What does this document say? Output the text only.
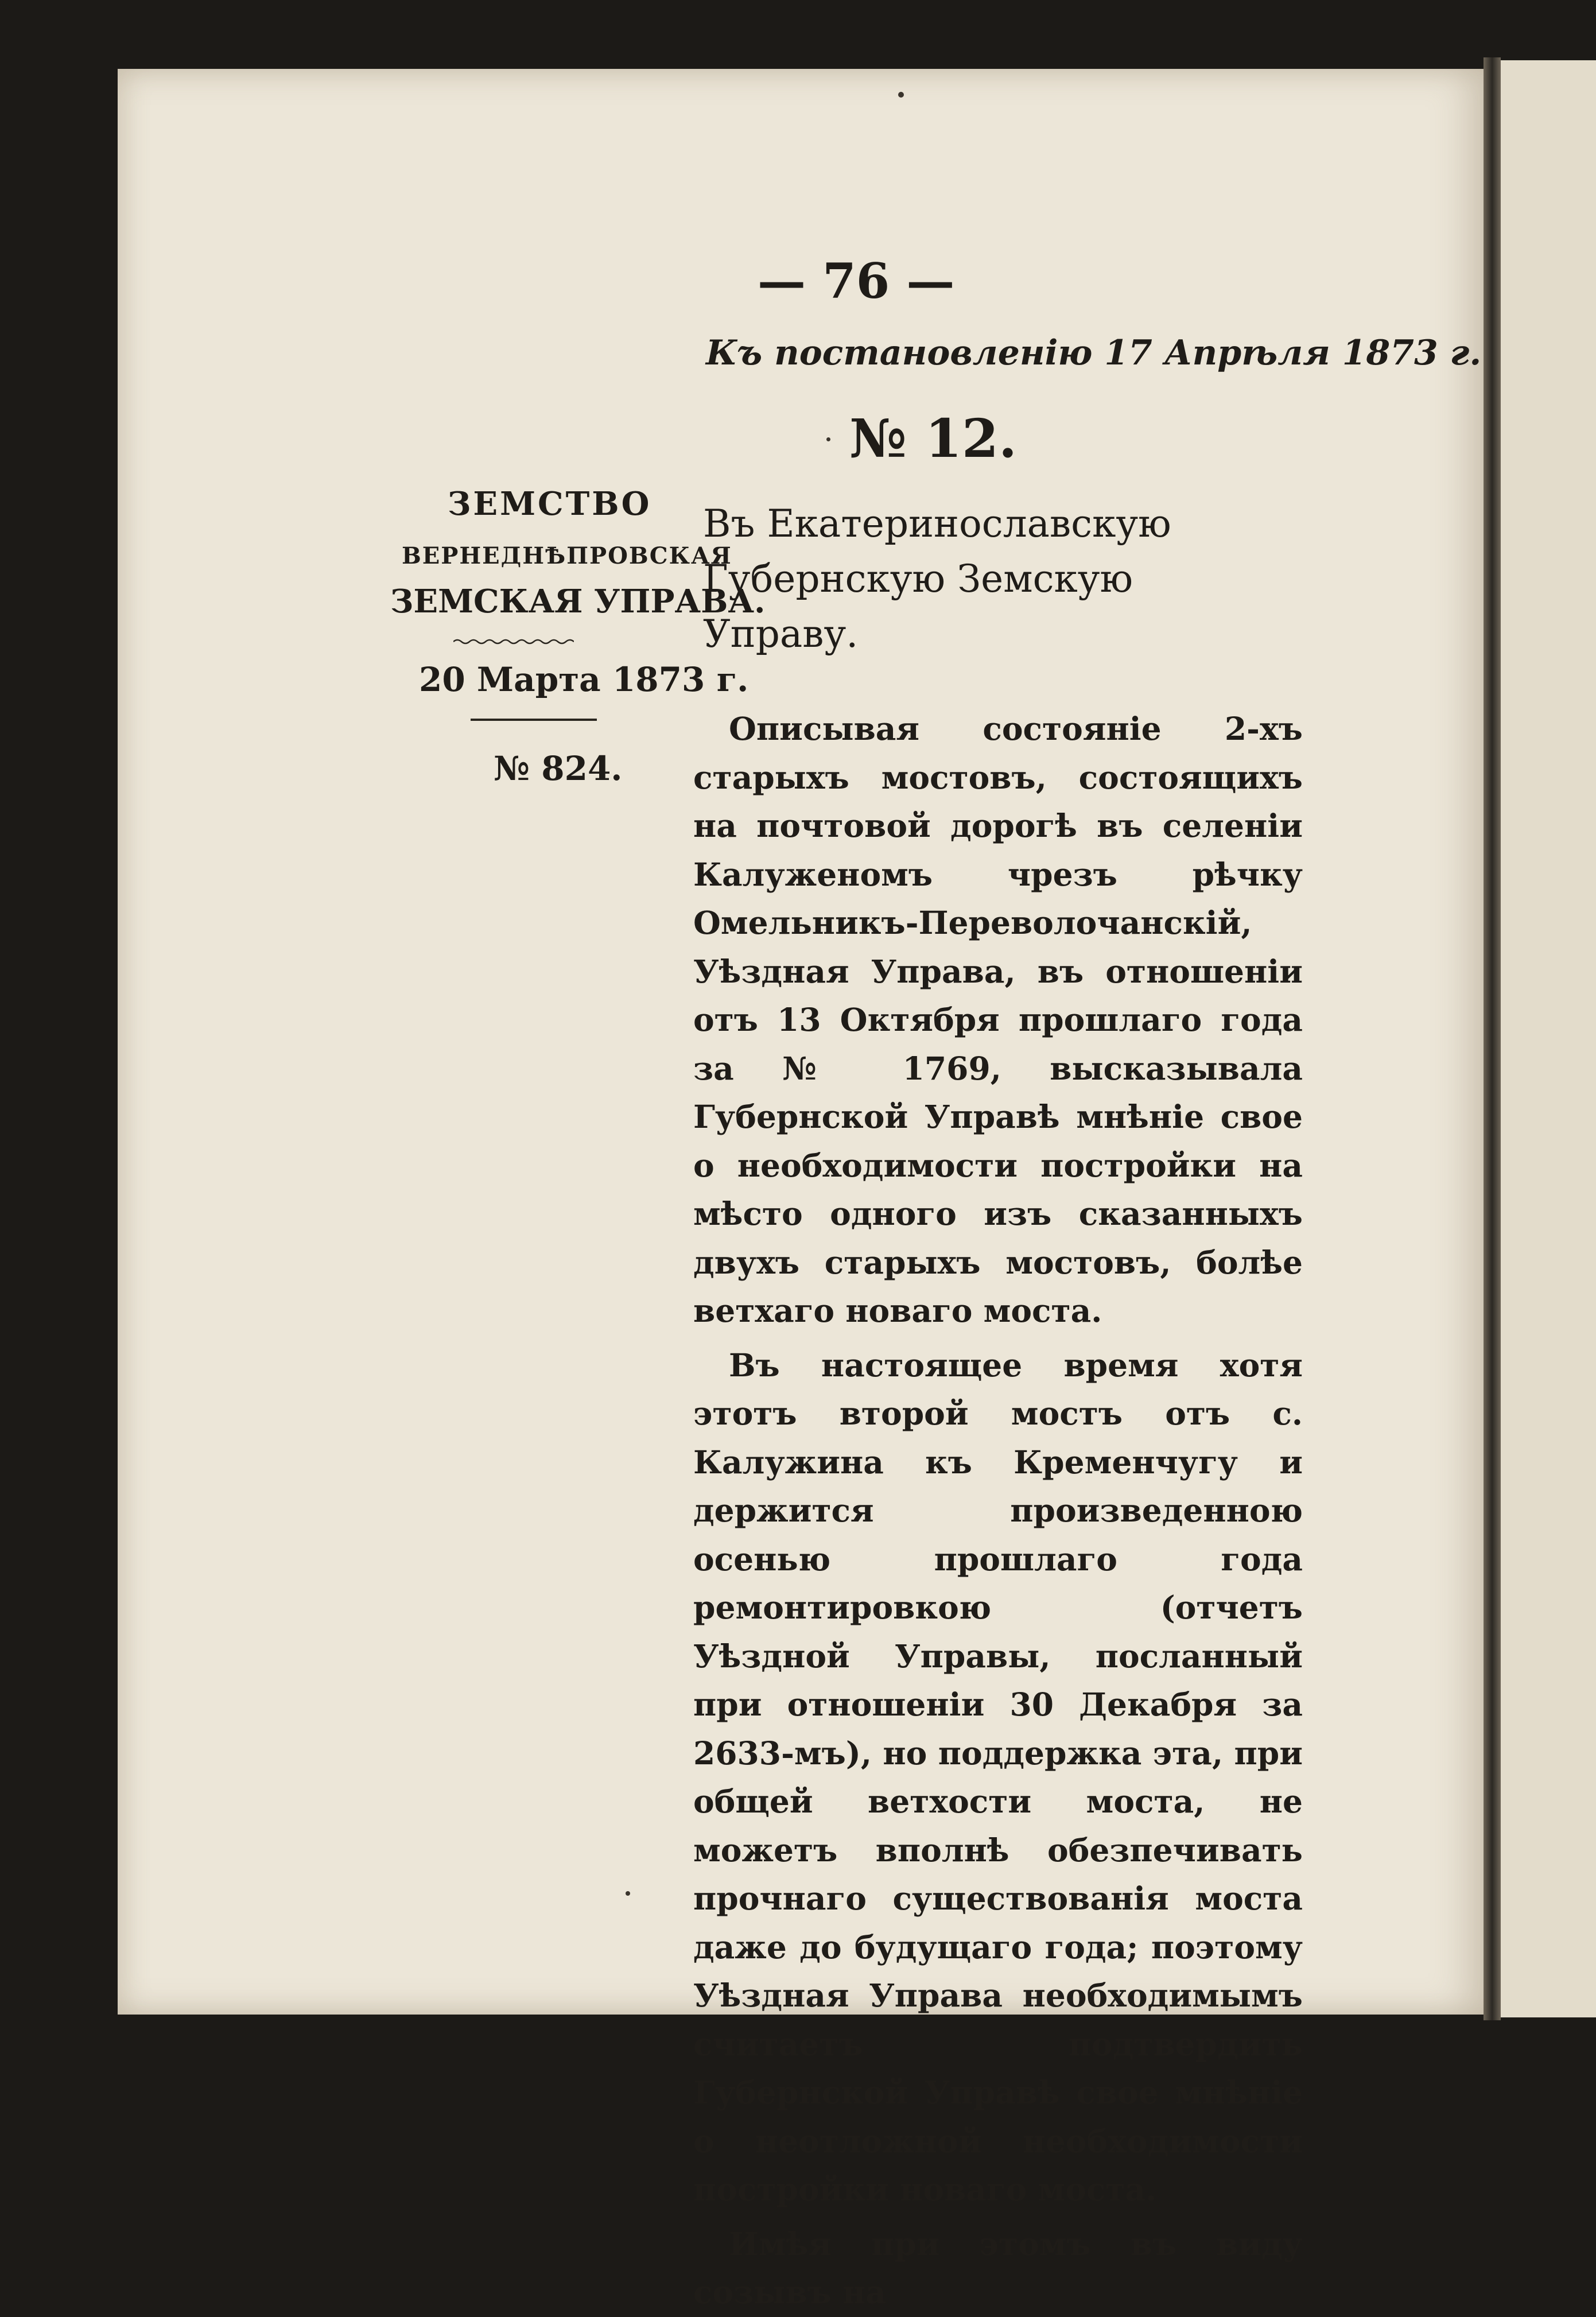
— 76 —
Къ постановленію 17 Апрѣля 1873 г.
№ 12.
ЗЕМСТВО
ВЕРНЕДНѢПРОВСКАЯ
ЗЕМСКАЯ УПРАВА.
20 Марта 1873 г.
№ 824.
Въ Екатеринославскую Губернскую Земскую Управу.

Описывая состояніе 2-хъ старыхъ мостовъ, состоящихъ на почтовой дорогѣ въ селеніи Калуженомъ чрезъ рѣчку Омельникъ-Переволочанскій, Уѣздная Управа, въ отношеніи отъ 13 Октября прошлаго года за № 1769, высказывала Губернской Управѣ мнѣніе свое о необходимости постройки на мѣсто одного изъ сказанныхъ двухъ старыхъ мостовъ, болѣе ветхаго новаго моста.

Въ настоящее время хотя этотъ второй мостъ отъ с. Калужина къ Кременчугу и держится произведенною осенью прошлаго года ремонтировкою (отчетъ Уѣздной Управы, посланный при отношеніи 30 Декабря за 2633-мъ), но поддержка эта, при общей ветхости моста, не можетъ вполнѣ обезпечивать прочнаго существованія моста даже до будущаго года; поэтому Уѣздная Управа необходимымъ считаетъ подтвердить Губернской Управѣ свое мнѣніе о неотложной необходимости постройки новаго моста.

Имѣя при этомъ въ виду созывъ на
